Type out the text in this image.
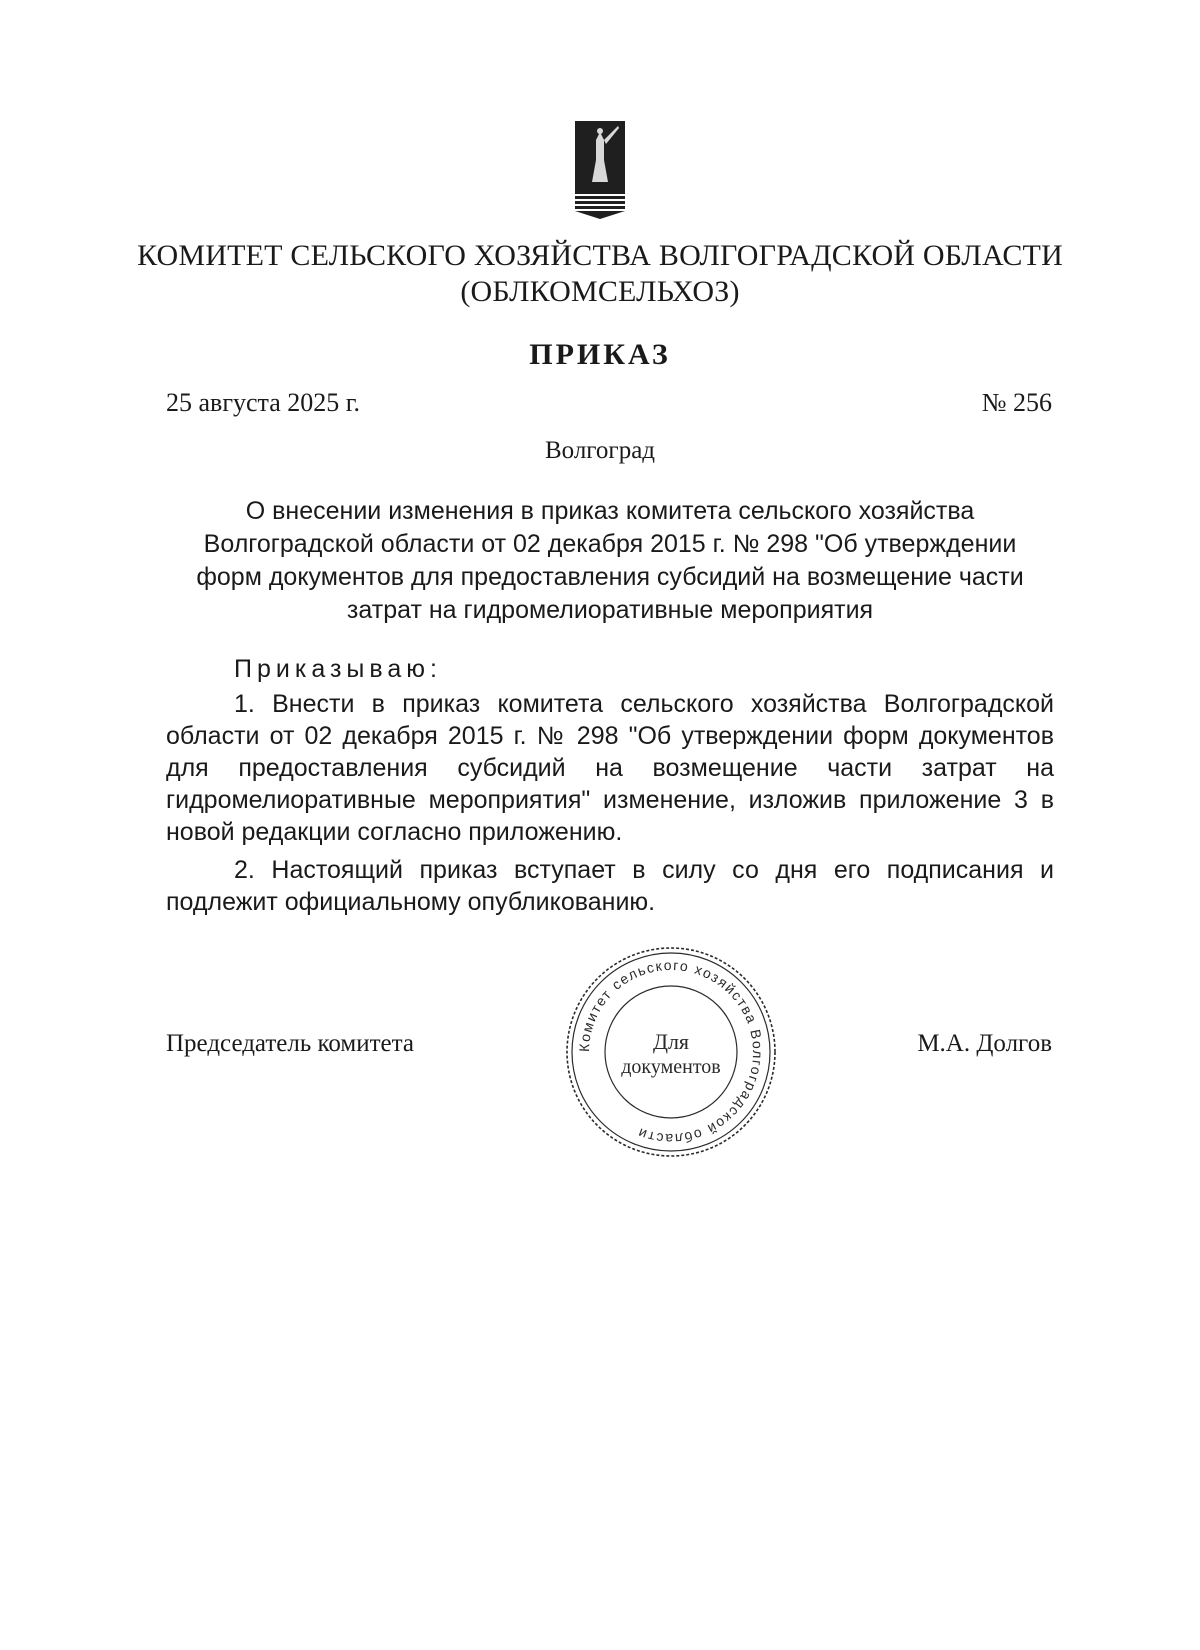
КОМИТЕТ СЕЛЬСКОГО ХОЗЯЙСТВА ВОЛГОГРАДСКОЙ ОБЛАСТИ
(ОБЛКОМСЕЛЬХОЗ)
ПРИКАЗ
25 августа 2025 г.	№ 256
Волгоград
О внесении изменения в приказ комитета сельского хозяйства
Волгоградской области от 02 декабря 2015 г. № 298 "Об утверждении
форм документов для предоставления субсидий на возмещение части
затрат на гидромелиоративные мероприятия
Приказываю:

1. Внести в приказ комитета сельского хозяйства Волгоградской области от 02 декабря 2015 г. № 298 "Об утверждении форм документов для предоставления субсидий на возмещение части затрат на гидромелиоративные мероприятия" изменение, изложив приложение 3 в новой редакции согласно приложению.

2. Настоящий приказ вступает в силу со дня его подписания и подлежит официальному опубликованию.

Председатель комитета	М.А. Долгов
Комитет сельского хозяйства Волгоградской области
Для
документов
